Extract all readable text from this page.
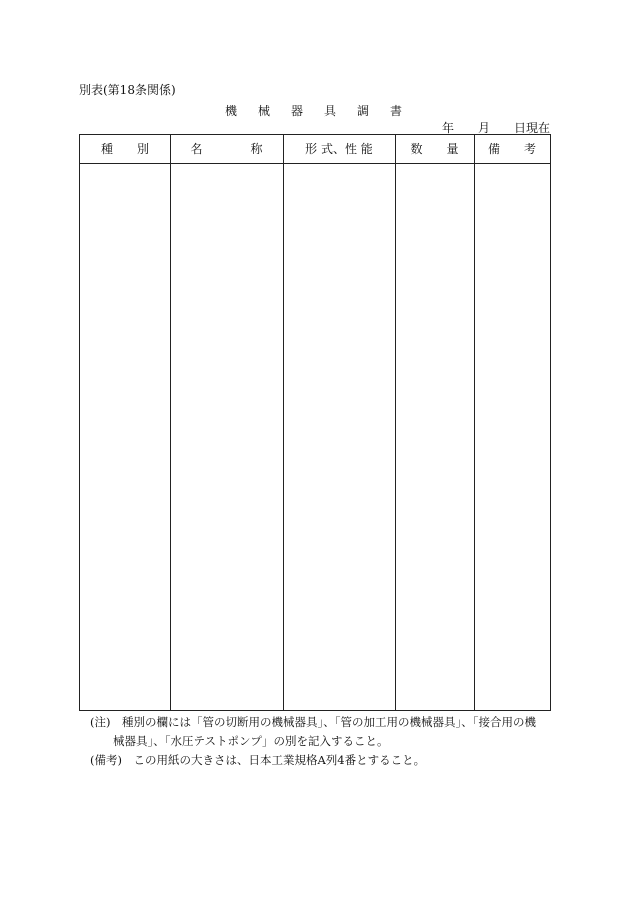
別表(第18条関係)
機 械 器 具 調 書
年 月 日現在
種　　別	名　　　　称	形 式、性 能	数　　量	備　　考
(注)　種別の欄には「管の切断用の機械器具」、「管の加工用の機械器具」、「接合用の機
械器具」、「水圧テストポンプ」の別を記入すること。
(備考)　この用紙の大きさは、日本工業規格A列4番とすること。
